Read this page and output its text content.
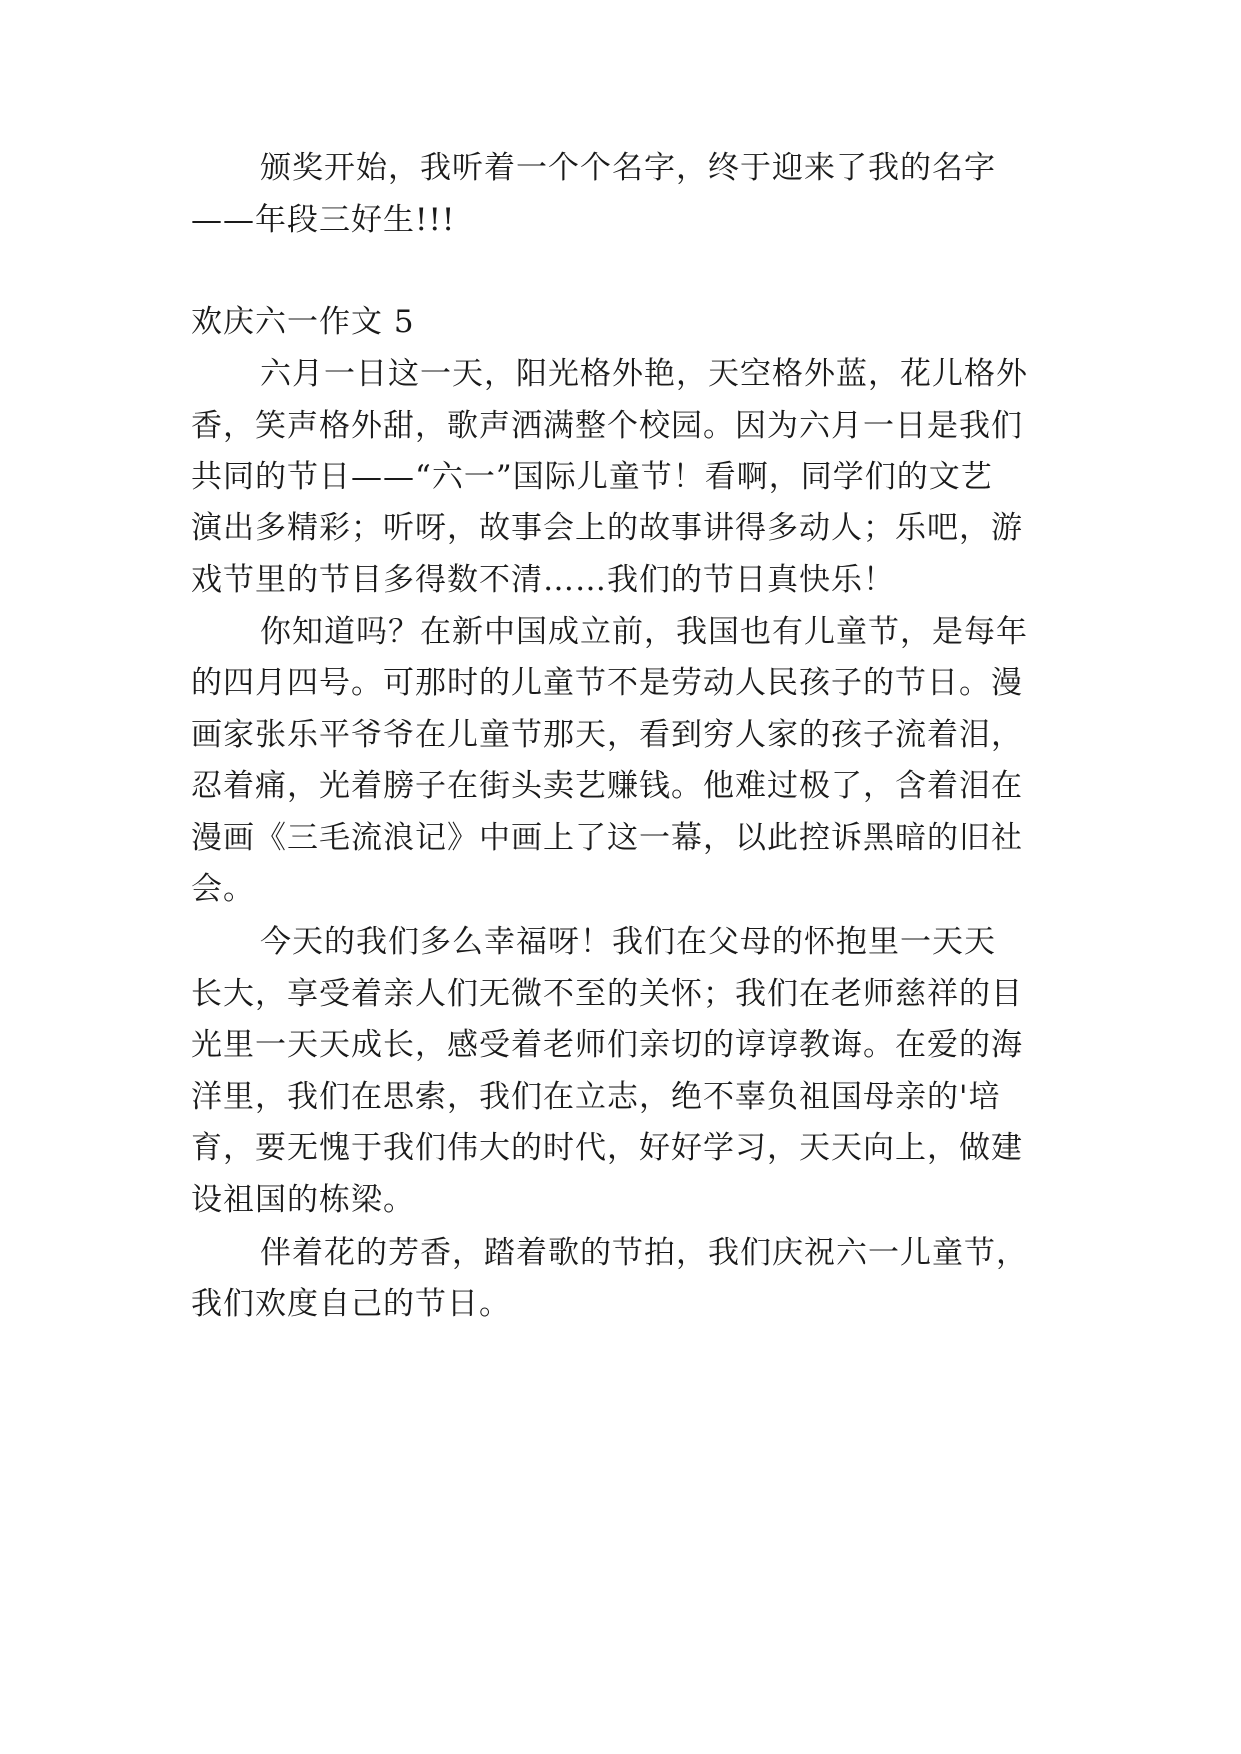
颁奖开始，我听着一个个名字，终于迎来了我的名字
——年段三好生!!!
欢庆六一作文 5
六月一日这一天，阳光格外艳，天空格外蓝，花儿格外
香，笑声格外甜，歌声洒满整个校园。因为六月一日是我们
共同的节日——“六一”国际儿童节！看啊，同学们的文艺
演出多精彩；听呀，故事会上的故事讲得多动人；乐吧，游
戏节里的节目多得数不清……我们的节日真快乐！
你知道吗？在新中国成立前，我国也有儿童节，是每年
的四月四号。可那时的儿童节不是劳动人民孩子的节日。漫
画家张乐平爷爷在儿童节那天，看到穷人家的孩子流着泪，
忍着痛，光着膀子在街头卖艺赚钱。他难过极了，含着泪在
漫画《三毛流浪记》中画上了这一幕，以此控诉黑暗的旧社
会。
今天的我们多么幸福呀！我们在父母的怀抱里一天天
长大，享受着亲人们无微不至的关怀；我们在老师慈祥的目
光里一天天成长，感受着老师们亲切的谆谆教诲。在爱的海
洋里，我们在思索，我们在立志，绝不辜负祖国母亲的'培
育，要无愧于我们伟大的时代，好好学习，天天向上，做建
设祖国的栋梁。
伴着花的芳香，踏着歌的节拍，我们庆祝六一儿童节，
我们欢度自己的节日。
